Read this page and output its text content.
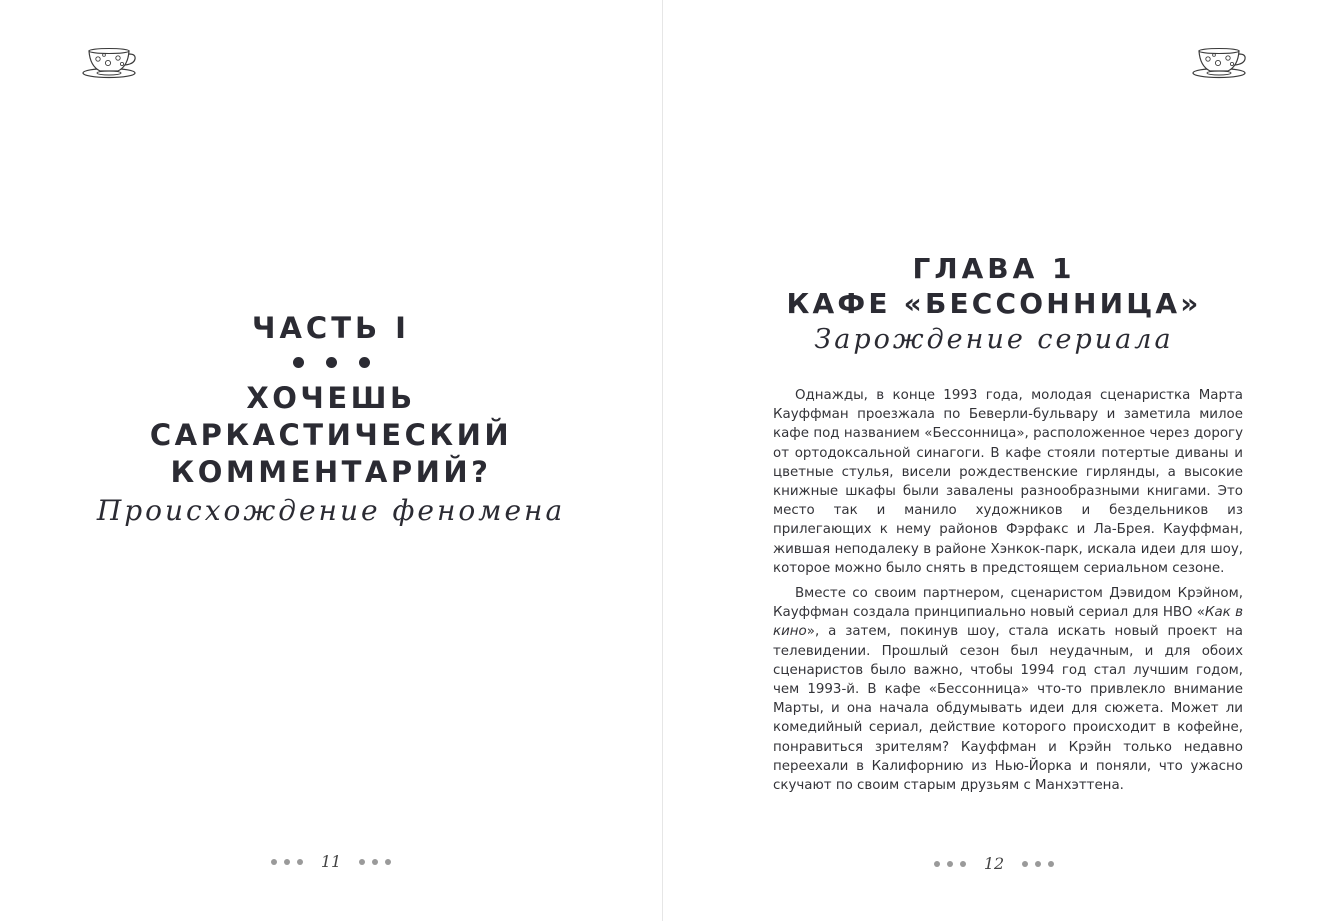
ЧАСТЬ I

ХОЧЕШЬ

САРКАСТИЧЕСКИЙ

КОММЕНТАРИЙ?

Происхождение феномена

11

ГЛАВА 1

КАФЕ «БЕССОННИЦА»

Зарождение сериала

Однажды, в конце 1993 года, молодая сценаристка Марта Кауффман проезжала по Беверли-бульвару и заметила милое кафе под названием «Бессонница», расположенное через дорогу от ортодоксальной синагоги. В кафе стояли потертые диваны и цветные стулья, висели рождественские гирлянды, а высокие книжные шкафы были завалены разнообразными книгами. Это место так и манило художников и бездельников из прилегающих к нему районов Фэрфакс и Ла-Брея. Кауффман, жившая неподалеку в районе Хэнкок-парк, искала идеи для шоу, которое можно было снять в предстоящем сериальном сезоне.

Вместе со своим партнером, сценаристом Дэвидом Крэйном, Кауффман создала принципиально новый сериал для HBO «Как в кино», а затем, покинув шоу, стала искать новый проект на телевидении. Прошлый сезон был неудачным, и для обоих сценаристов было важно, чтобы 1994 год стал лучшим годом, чем 1993-й. В кафе «Бессонница» что-то привлекло внимание Марты, и она начала обдумывать идеи для сюжета. Может ли комедийный сериал, действие которого происходит в кофейне, понравиться зрителям? Кауффман и Крэйн только недавно переехали в Калифорнию из Нью-Йорка и поняли, что ужасно скучают по своим старым друзьям с Манхэттена.

12
